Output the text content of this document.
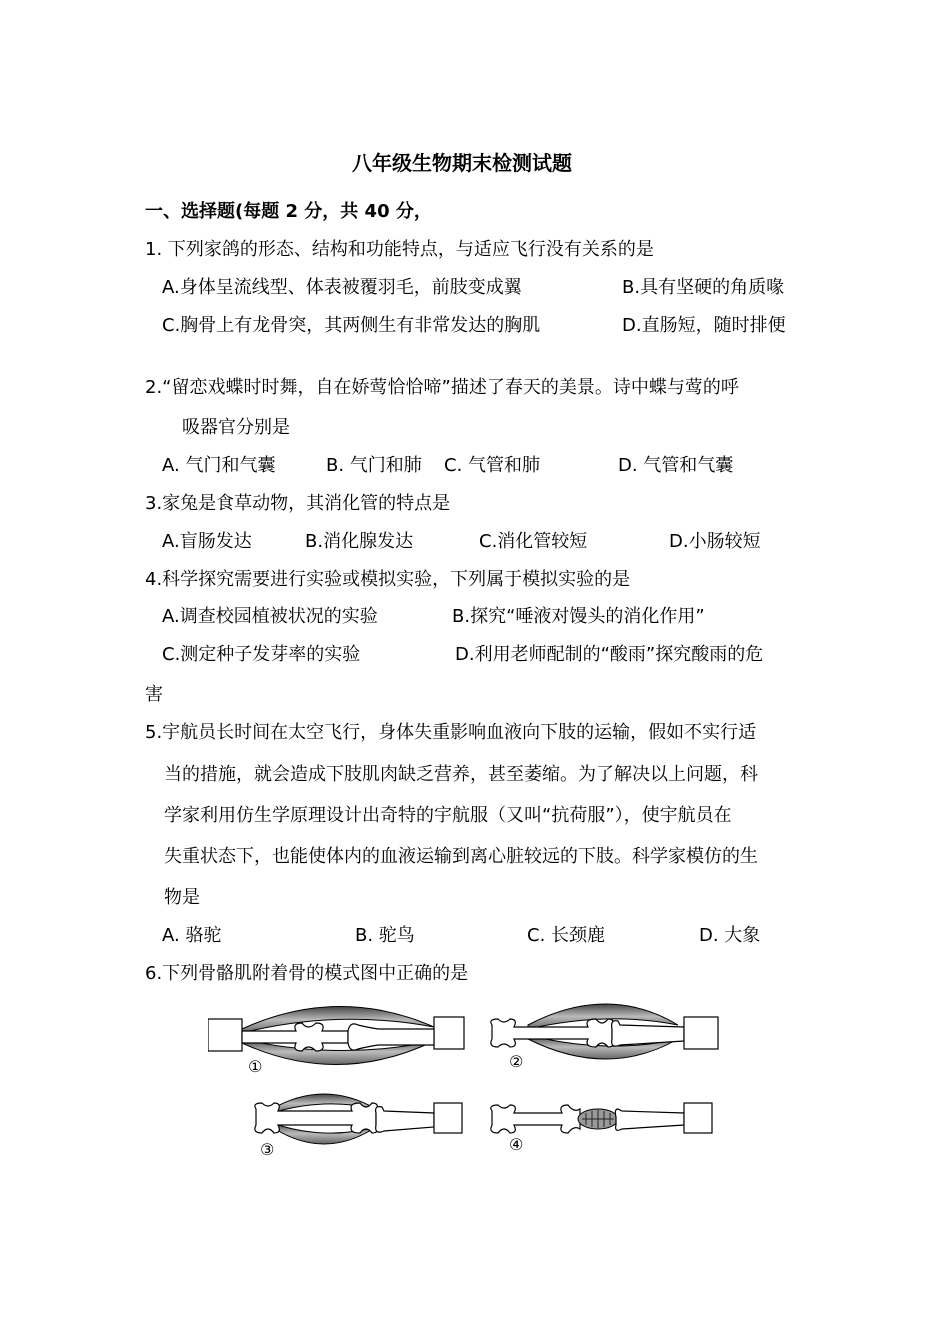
八年级生物期末检测试题
一、选择题(每题 2 分，共 40 分，
1. 下列家鸽的形态、结构和功能特点，与适应飞行没有关系的是
A.身体呈流线型、体表被覆羽毛，前肢变成翼	B.具有坚硬的角质喙
C.胸骨上有龙骨突，其两侧生有非常发达的胸肌	D.直肠短，随时排便
2.“留恋戏蝶时时舞，自在娇莺恰恰啼”描述了春天的美景。诗中蝶与莺的呼
吸器官分别是
A. 气门和气囊	B. 气门和肺 C. 气管和肺	D. 气管和气囊
3.家兔是食草动物，其消化管的特点是
A.盲肠发达	B.消化腺发达	C.消化管较短	D.小肠较短
4.科学探究需要进行实验或模拟实验，下列属于模拟实验的是
A.调查校园植被状况的实验	B.探究“唾液对馒头的消化作用”
C.测定种子发芽率的实验	D.利用老师配制的“酸雨”探究酸雨的危
害
5.宇航员长时间在太空飞行，身体失重影响血液向下肢的运输，假如不实行适
当的措施，就会造成下肢肌肉缺乏营养，甚至萎缩。为了解决以上问题，科
学家利用仿生学原理设计出奇特的宇航服（又叫“抗荷服”），使宇航员在
失重状态下，也能使体内的血液运输到离心脏较远的下肢。科学家模仿的生
物是
A. 骆驼	B. 驼鸟	C. 长颈鹿	D. 大象
6.下列骨骼肌附着骨的模式图中正确的是
①	②
③	④
